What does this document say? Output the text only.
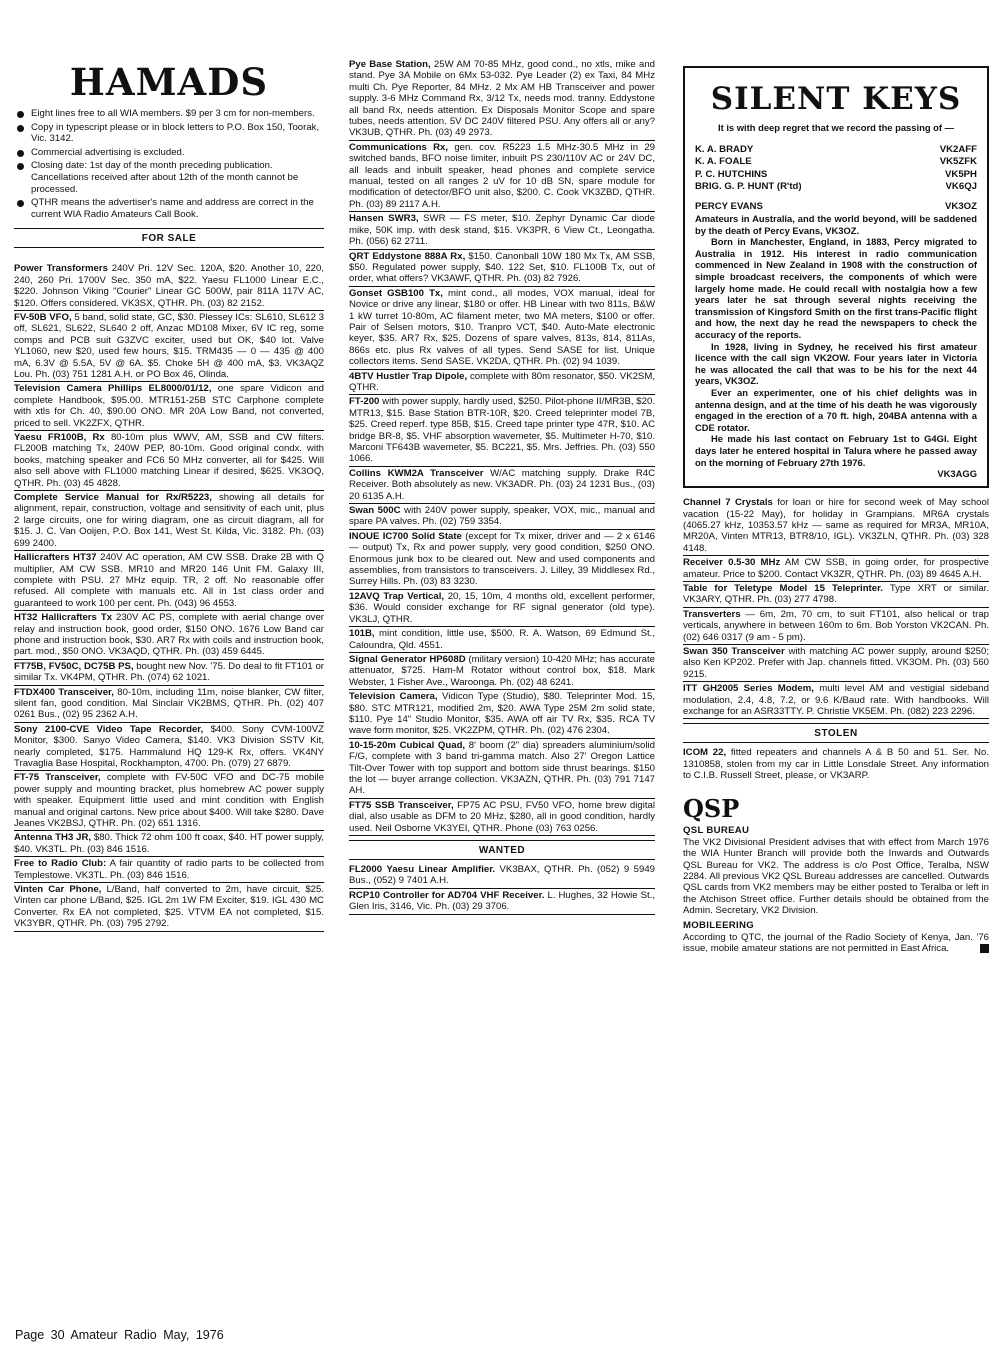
HAMADS
Eight lines free to all WIA members. $9 per 3 cm for non-members.
Copy in typescript please or in block letters to P.O. Box 150, Toorak, Vic. 3142.
Commercial advertising is excluded.
Closing date: 1st day of the month preceding publication. Cancellations received after about 12th of the month cannot be processed.
QTHR means the advertiser's name and address are correct in the current WIA Radio Amateurs Call Book.
FOR SALE
Power Transformers 240V Pri. 12V Sec. 120A, $20. Another 10, 220, 240, 260 Pri. 1700V Sec. 350 mA, $22. Yaesu FL1000 Linear E.C., $220. Johnson Viking "Courier" Linear GC 500W, pair 811A 117V AC, $120. Offers considered. VK3SX, QTHR. Ph. (03) 82 2152.
FV-50B VFO, 5 band, solid state, GC, $30. Plessey ICs: SL610, SL612 3 off, SL621, SL622, SL640 2 off, Anzac MD108 Mixer, 6V IC reg, some comps and PCB suit G3ZVC exciter, used but OK, $40 lot. Valve YL1060, new $20, used few hours, $15. TRM435 — 0 — 435 @ 400 mA, 6.3V @ 5.5A, 5V @ 6A. $5. Choke 5H @ 400 mA, $3. VK3AQZ Lou. Ph. (03) 751 1281 A.H. or PO Box 46, Olinda.
Television Camera Phillips EL8000/01/12, one spare Vidicon and complete Handbook, $95.00. MTR151-25B STC Carphone complete with xtls for Ch. 40, $90.00 ONO. MR 20A Low Band, not converted, priced to sell. VK2ZFX, QTHR.
Yaesu FR100B, Rx 80-10m plus WWV, AM, SSB and CW filters. FL200B matching Tx, 240W PEP, 80-10m. Good original condx. with books, matching speaker and FC6 50 MHz converter, all for $425. Will also sell above with FL1000 matching Linear if desired, $625. VK3OQ, QTHR. Ph. (03) 45 4828.
Complete Service Manual for Rx/R5223, showing all details for alignment, repair, construction, voltage and sensitivity of each unit, plus 2 large circuits, one for wiring diagram, one as circuit diagram, all for $15. J. C. Van Ooijen, P.O. Box 141, West St. Kilda, Vic. 3182. Ph. (03) 699 2400.
Hallicrafters HT37 240V AC operation, AM CW SSB. Drake 2B with Q multiplier, AM CW SSB. MR10 and MR20 146 Unit FM. Galaxy III, complete with PSU. 27 MHz equip. TR, 2 off. No reasonable offer refused. All complete with manuals etc. All in 1st class order and guaranteed to work 100 per cent. Ph. (043) 96 4553.
HT32 Hallicrafters Tx 230V AC PS, complete with aerial change over relay and instruction book, good order, $150 ONO. 1676 Low Band car phone and instruction book, $30. AR7 Rx with coils and instruction book, part. mod., $50 ONO. VK3AQD, QTHR. Ph. (03) 459 6445.
FT75B, FV50C, DC75B PS, bought new Nov. '75. Do deal to fit FT101 or similar Tx. VK4PM, QTHR. Ph. (074) 62 1021.
FTDX400 Transceiver, 80-10m, including 11m, noise blanker, CW filter, silent fan, good condition. Mal Sinclair VK2BMS, QTHR. Ph. (02) 407 0261 Bus., (02) 95 2362 A.H.
Sony 2100-CVE Video Tape Recorder, $400. Sony CVM-100VZ Monitor, $300. Sanyo Video Camera, $140. VK3 Division SSTV Kit, nearly completed, $175. Hammalund HQ 129-K Rx, offers. VK4NY Travaglia Base Hospital, Rockhampton, 4700. Ph. (079) 27 6879.
FT-75 Transceiver, complete with FV-50C VFO and DC-75 mobile power supply and mounting bracket, plus homebrew AC power supply with speaker. Equipment little used and mint condition with English manual and original cartons. New price about $400. Will take $280. Dave Jeanes VK2BSJ, QTHR. Ph. (02) 651 1316.
Antenna TH3 JR, $80. Thick 72 ohm 100 ft coax, $40. HT power supply, $40. VK3TL. Ph. (03) 846 1516.
Free to Radio Club: A fair quantity of radio parts to be collected from Templestowe. VK3TL. Ph. (03) 846 1516.
Vinten Car Phone, L/Band, half converted to 2m, have circuit, $25. Vinten car phone L/Band, $25. IGL 2m 1W FM Exciter, $19. IGL 430 MC Converter. Rx EA not completed, $25. VTVM EA not completed, $15. VK3YBR, QTHR. Ph. (03) 795 2792.
Pye Base Station, 25W AM 70-85 MHz, good cond., no xtls, mike and stand. Pye 3A Mobile on 6Mx 53-032. Pye Leader (2) ex Taxi, 84 MHz multi Ch. Pye Reporter, 84 MHz. 2 Mx AM HB Transceiver and power supply. 3-6 MHz Command Rx, 3/12 Tx, needs mod. tranny. Eddystone all band Rx, needs attention. Ex Disposals Monitor Scope and spare tubes, needs attention. 5V DC 240V filtered PSU. Any offers all or any? VK3UB, QTHR. Ph. (03) 49 2973.
Communications Rx, gen. cov. R5223 1.5 MHz-30.5 MHz in 29 switched bands, BFO noise limiter, inbuilt PS 230/110V AC or 24V DC, all leads and inbuilt speaker, head phones and complete service manual, tested on all ranges 2 uV for 10 dB SN, spare module for modification of detector/BFO unit also, $200. C. Cook VK3ZBD, QTHR. Ph. (03) 89 2117 A.H.
Hansen SWR3, SWR — FS meter, $10. Zephyr Dynamic Car diode mike, 50K imp. with desk stand, $15. VK3PR, 6 View Ct., Leongatha. Ph. (056) 62 2711.
QRT Eddystone 888A Rx, $150. Canonball 10W 180 Mx Tx, AM SSB, $50. Regulated power supply, $40. 122 Set, $10. FL100B Tx, out of order, what offers? VK3AWF, QTHR. Ph. (03) 82 7926.
Gonset GSB100 Tx, mint cond., all modes, VOX manual, ideal for Novice or drive any linear, $180 or offer. HB Linear with two 811s, B&W 1 kW turret 10-80m, AC filament meter, two MA meters, $100 or offer. Pair of Selsen motors, $10. Tranpro VCT, $40. Auto-Mate electronic keyer, $35. AR7 Rx, $25. Dozens of spare valves, 813s, 814, 811As, 866s etc. plus Rx valves of all types. Send SASE for list. Unique collectors items. Send SASE. VK2DA, QTHR. Ph. (02) 94 1039.
4BTV Hustler Trap Dipole, complete with 80m resonator, $50. VK2SM, QTHR.
FT-200 with power supply, hardly used, $250. Pilot-phone II/MR3B, $20. MTR13, $15. Base Station BTR-10R, $20. Creed teleprinter model 7B, $25. Creed reperf. type 85B, $15. Creed tape printer type 47R, $10. AC bridge BR-8, $5. VHF absorption wavemeter, $5. Multimeter H-70, $10. Marconi TF643B wavemeter, $5. BC221, $5. Mrs. Jeffries. Ph. (03) 550 1066.
Collins KWM2A Transceiver W/AC matching supply. Drake R4C Receiver. Both absolutely as new. VK3ADR. Ph. (03) 24 1231 Bus., (03) 20 6135 A.H.
Swan 500C with 240V power supply, speaker, VOX, mic., manual and spare PA valves. Ph. (02) 759 3354.
INOUE IC700 Solid State (except for Tx mixer, driver and — 2 x 6146 — output) Tx, Rx and power supply, very good condition, $250 ONO. Enormous junk box to be cleared out. New and used components and assemblies, from transistors to transceivers. J. Lilley, 39 Middlesex Rd., Surrey Hills. Ph. (03) 83 3230.
12AVQ Trap Vertical, 20, 15, 10m, 4 months old, excellent performer, $36. Would consider exchange for RF signal generator (old type). VK3LJ, QTHR.
101B, mint condition, little use, $500. R. A. Watson, 69 Edmund St., Caloundra, Qld. 4551.
Signal Generator HP608D (military version) 10-420 MHz; has accurate attenuator, $725. Ham-M Rotator without control box, $18. Mark Webster, 1 Fisher Ave., Waroonga. Ph. (02) 48 6241.
Television Camera, Vidicon Type (Studio), $80. Teleprinter Mod. 15, $80. STC MTR121, modified 2m, $20. AWA Type 25M 2m solid state, $110. Pye 14" Studio Monitor, $35. AWA off air TV Rx, $35. RCA TV wave form monitor, $25. VK2ZPM, QTHR. Ph. (02) 476 2304.
10-15-20m Cubical Quad, 8' boom (2" dia) spreaders aluminium/solid F/G, complete with 3 band tri-gamma match. Also 27' Oregon Lattice Tilt-Over Tower with top support and bottom side thrust bearings. $150 the lot — buyer arrange collection. VK3AZN, QTHR. Ph. (03) 791 7147 AH.
FT75 SSB Transceiver, FP75 AC PSU, FV50 VFO, home brew digital dial, also usable as DFM to 20 MHz, $280, all in good condition, hardly used. Neil Osborne VK3YEI, QTHR. Phone (03) 763 0256.
WANTED
FL2000 Yaesu Linear Amplifier. VK3BAX, QTHR. Ph. (052) 9 5949 Bus., (052) 9 7401 A.H.
RCP10 Controller for AD704 VHF Receiver. L. Hughes, 32 Howie St., Glen Iris, 3146, Vic. Ph. (03) 29 3706.
SILENT KEYS
It is with deep regret that we record the passing of —
K. A. BRADY	VK2AFF
K. A. FOALE	VK5ZFK
P. C. HUTCHINS	VK5PH
BRIG. G. P. HUNT (R'td)	VK6QJ
PERCY EVANS	VK3OZ

Amateurs in Australia, and the world beyond, will be saddened by the death of Percy Evans, VK3OZ.

Born in Manchester, England, in 1883, Percy migrated to Australia in 1912. His interest in radio communication commenced in New Zealand in 1908 with the construction of simple broadcast receivers, the components of which were largely home made. He could recall with nostalgia how a few years later he sat through several nights receiving the transmission of Kingsford Smith on the first trans-Pacific flight and how, the next day he read the newspapers to check the accuracy of the reports.

In 1928, living in Sydney, he received his first amateur licence with the call sign VK2OW. Four years later in Victoria he was allocated the call that was to be his for the next 44 years, VK3OZ.

Ever an experimenter, one of his chief delights was in antenna design, and at the time of his death he was vigorously engaged in the erection of a 70 ft. high, 204BA antenna with a CDE rotator.

He made his last contact on February 1st to G4GI. Eight days later he entered hospital in Talura where he passed away on the morning of February 27th 1976.

VK3AGG
Channel 7 Crystals for loan or hire for second week of May school vacation (15-22 May), for holiday in Grampians. MR6A crystals (4065.27 kHz, 10353.57 kHz — same as required for MR3A, MR10A, MR20A, Vinten MTR13, BTR8/10, IGL). VK3ZLN, QTHR. Ph. (03) 328 4148.
Receiver 0.5-30 MHz AM CW SSB, in going order, for prospective amateur. Price to $200. Contact VK3ZR, QTHR. Ph. (03) 89 4645 A.H.
Table for Teletype Model 15 Teleprinter. Type XRT or similar. VK3ARY, QTHR. Ph. (03) 277 4798.
Transverters — 6m, 2m, 70 cm, to suit FT101, also helical or trap verticals, anywhere in between 160m to 6m. Bob Yorston VK2CAN. Ph. (02) 646 0317 (9 am - 5 pm).
Swan 350 Transceiver with matching AC power supply, around $250; also Ken KP202. Prefer with Jap. channels fitted. VK3OM. Ph. (03) 560 9215.
ITT GH2005 Series Modem, multi level AM and vestigial sideband modulation, 2.4, 4.8, 7.2, or 9.6 K/Baud rate. With handbooks. Will exchange for an ASR33TTY. P. Christie VK5EM. Ph. (082) 223 2296.
STOLEN
ICOM 22, fitted repeaters and channels A & B 50 and 51. Ser. No. 1310858, stolen from my car in Little Lonsdale Street. Any information to C.I.B. Russell Street, please, or VK3ARP.
QSP
QSL BUREAU

The VK2 Divisional President advises that with effect from March 1976 the WIA Hunter Branch will provide both the Inwards and Outwards QSL Bureau for VK2. The address is c/o Post Office, Teralba, NSW 2284. All previous VK2 QSL Bureau addresses are cancelled. Outwards QSL cards from VK2 members may be either posted to Teralba or left in the Atchison Street office. Further details should be obtained from the Admin. Secretary, VK2 Division.

MOBILEERING

According to QTC, the journal of the Radio Society of Kenya, Jan. '76 issue, mobile amateur stations are not permitted in East Africa.

Page 30 Amateur Radio May, 1976
